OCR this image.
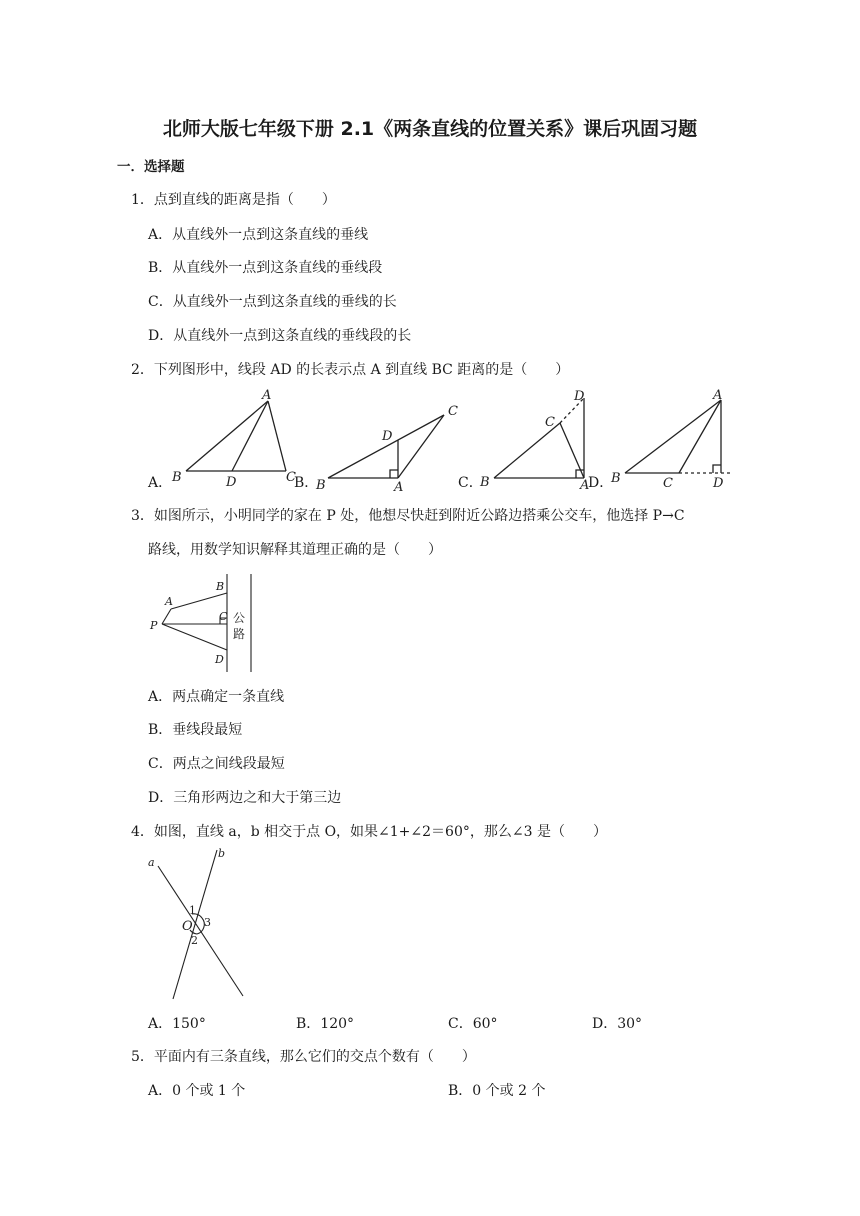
北师大版七年级下册 2.1《两条直线的位置关系》课后巩固习题
一．选择题
1．点到直线的距离是指（　　）
A．从直线外一点到这条直线的垂线
B．从直线外一点到这条直线的垂线段
C．从直线外一点到这条直线的垂线的长
D．从直线外一点到这条直线的垂线段的长
2．下列图形中，线段 AD 的长表示点 A 到直线 BC 距离的是（　　）
A．	B．	C．	D．
A
B	D	C
C
D
B	A	B
C
D
A B	C	D
A
3．如图所示，小明同学的家在 P 处，他想尽快赶到附近公路边搭乘公交车，他选择 P→C
路线，用数学知识解释其道理正确的是（　　）
P
A
B
C
D
公
路
A．两点确定一条直线
B．垂线段最短
C．两点之间线段最短
D．三角形两边之和大于第三边
4．如图，直线 a，b 相交于点 O，如果∠1+∠2＝60°，那么∠3 是（　　）
a
b
O
1
3
2
A．150°	B．120°	C．60°	D．30°
5．平面内有三条直线，那么它们的交点个数有（　　）
A．0 个或 1 个	B．0 个或 2 个
